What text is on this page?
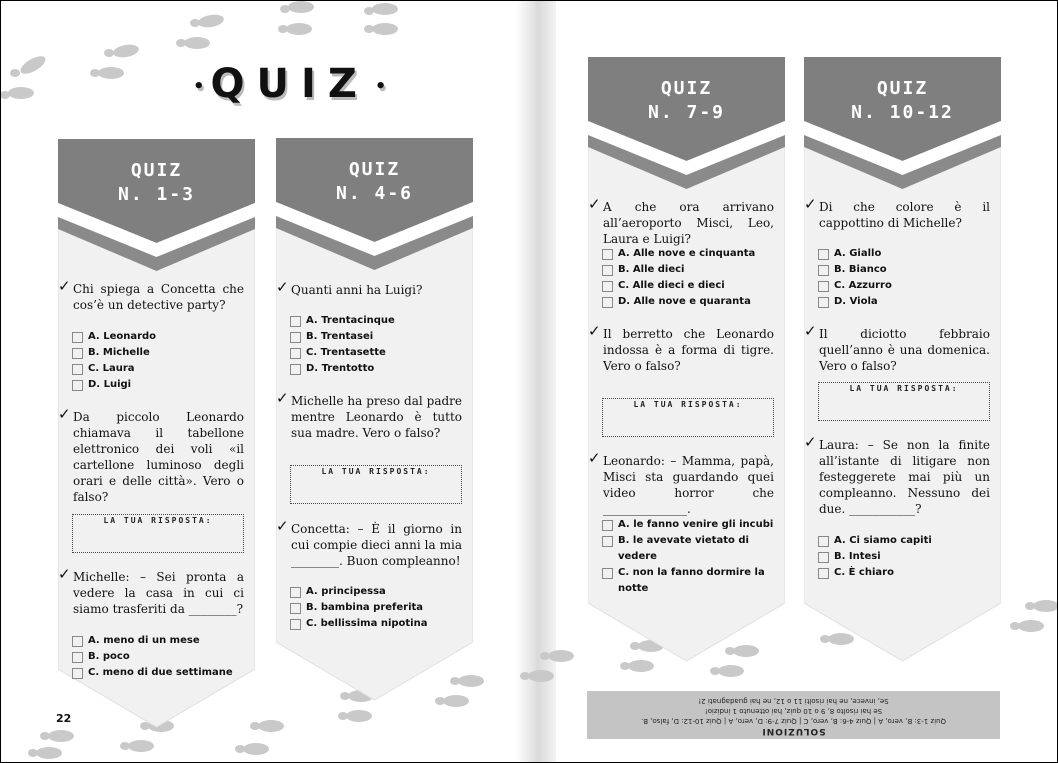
• QUIZ •
QUIZ
N. 1-3
✓ Chi spiega a Concetta che cos’è un detective party?
A. Leonardo
B. Michelle
C. Laura
D. Luigi
✓ Da piccolo Leonardo chiamava il tabellone elettronico dei voli «il cartellone luminoso degli orari e delle città». Vero o falso?
LA TUA RISPOSTA:
✓ Michelle: – Sei pronta a vedere la casa in cui ci siamo trasferiti da ________?
A. meno di un mese
B. poco
C. meno di due settimane
QUIZ
N. 4-6
✓ Quanti anni ha Luigi?
A. Trentacinque
B. Trentasei
C. Trentasette
D. Trentotto
✓ Michelle ha preso dal padre mentre Leonardo è tutto sua madre. Vero o falso?
LA TUA RISPOSTA:
✓ Concetta: – È il giorno in cui compie dieci anni la mia ________. Buon compleanno!
A. principessa
B. bambina preferita
C. bellissima nipotina
QUIZ
N. 7-9
✓ A che ora arrivano all’aeroporto Misci, Leo, Laura e Luigi?
A. Alle nove e cinquanta
B. Alle dieci
C. Alle dieci e dieci
D. Alle nove e quaranta
✓ Il berretto che Leonardo indossa è a forma di tigre. Vero o falso?
LA TUA RISPOSTA:
✓ Leonardo: – Mamma, papà, Misci sta guardando quei video horror che ______________.
A. le fanno venire gli incubi
B. le avevate vietato di vedere
C. non la fanno dormire la notte
QUIZ
N. 10-12
✓ Di che colore è il cappottino di Michelle?
A. Giallo
B. Bianco
C. Azzurro
D. Viola
✓ Il diciotto febbraio quell’anno è una domenica. Vero o falso?
LA TUA RISPOSTA:
✓ Laura: – Se non la finite all’istante di litigare non festeggerete mai più un compleanno. Nessuno dei due. ___________?
A. Ci siamo capiti
B. Intesi
C. È chiaro
22
SOLUZIONI
Quiz 1-3: B, vero, A | Quiz 4-6: B, vero, C | Quiz 7-9: D, vero, A | Quiz 10-12: D, falso, B.
Se hai risolto 8, 9 o 10 quiz, hai ottenuto 1 indizio!
Se, invece, ne hai risolti 11 o 12, ne hai guadagnati 2!
